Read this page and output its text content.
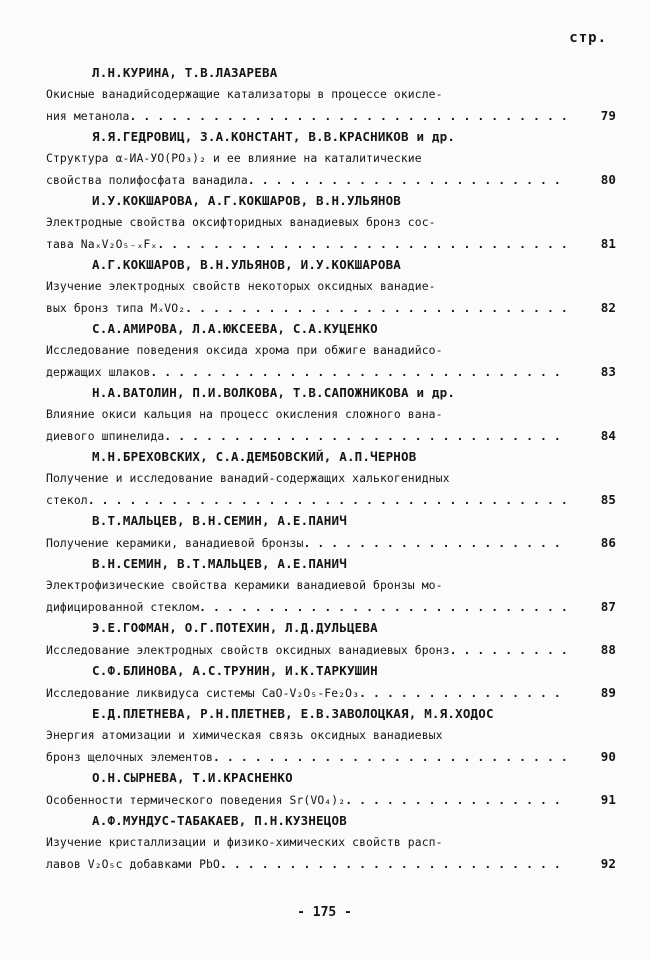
стр.
Л.Н.КУРИНА, Т.В.ЛАЗАРЕВА
Окисные ванадийсодержащие катализаторы в процессе окисле-
ния метанола . . .	79
Я.Я.ГЕДРОВИЦ, З.А.КОНСТАНТ, В.В.КРАСНИКОВ и др.
Структура α-ИА-УО(РО₃)₂ и ее влияние на каталитические
свойства полифосфата ванадила . . .	80
И.У.КОКШАРОВА, А.Г.КОКШАРОВ, В.Н.УЛЬЯНОВ
Электродные свойства оксифторидных ванадиевых бронз сос-
тава NaₓV₂O₅₋ₓFₓ . . .	81
А.Г.КОКШАРОВ, В.Н.УЛЬЯНОВ, И.У.КОКШАРОВА
Изучение электродных свойств некоторых оксидных ванадие-
вых бронз типа MₓVO₂ . . .	82
С.А.АМИРОВА, Л.А.ЮКСЕЕВА, С.А.КУЦЕНКО
Исследование поведения оксида хрома при обжиге ванадийсо-
держащих шлаков . . .	83
Н.А.ВАТОЛИН, П.И.ВОЛКОВА, Т.В.САПОЖНИКОВА и др.
Влияние окиси кальция на процесс окисления сложного вана-
диевого шпинелида . . .	84
М.Н.БРЕХОВСКИХ, С.А.ДЕМБОВСКИЙ, А.П.ЧЕРНОВ
Получение и исследование ванадий-содержащих халькогенидных
стекол . . .	85
В.Т.МАЛЬЦЕВ, В.Н.СЕМИН, А.Е.ПАНИЧ
Получение керамики, ванадиевой бронзы . . .	86
В.Н.СЕМИН, В.Т.МАЛЬЦЕВ, А.Е.ПАНИЧ
Электрофизические свойства керамики ванадиевой бронзы мо-
дифицированной стеклом . . .	87
Э.Е.ГОФМАН, О.Г.ПОТЕХИН, Л.Д.ДУЛЬЦЕВА
Исследование электродных свойств оксидных ванадиевых бронз . . .	88
С.Ф.БЛИНОВА, А.С.ТРУНИН, И.К.ТАРКУШИН
Исследование ликвидуса системы CaO-V₂O₅-Fe₂O₃ . . .	89
Е.Д.ПЛЕТНЕВА, Р.Н.ПЛЕТНЕВ, Е.В.ЗАВОЛОЦКАЯ, М.Я.ХОДОС
Энергия атомизации и химическая связь оксидных ванадиевых
бронз щелочных элементов . . .	90
О.Н.СЫРНЕВА, Т.И.КРАСНЕНКО
Особенности термического поведения Sr(VO₄)₂ . . .	91
А.Ф.МУНДУС-ТАБАКАЕВ, П.Н.КУЗНЕЦОВ
Изучение кристаллизации и физико-химических свойств расп-
лавов V₂O₅с добавками PbO . . .	92
- 175 -
